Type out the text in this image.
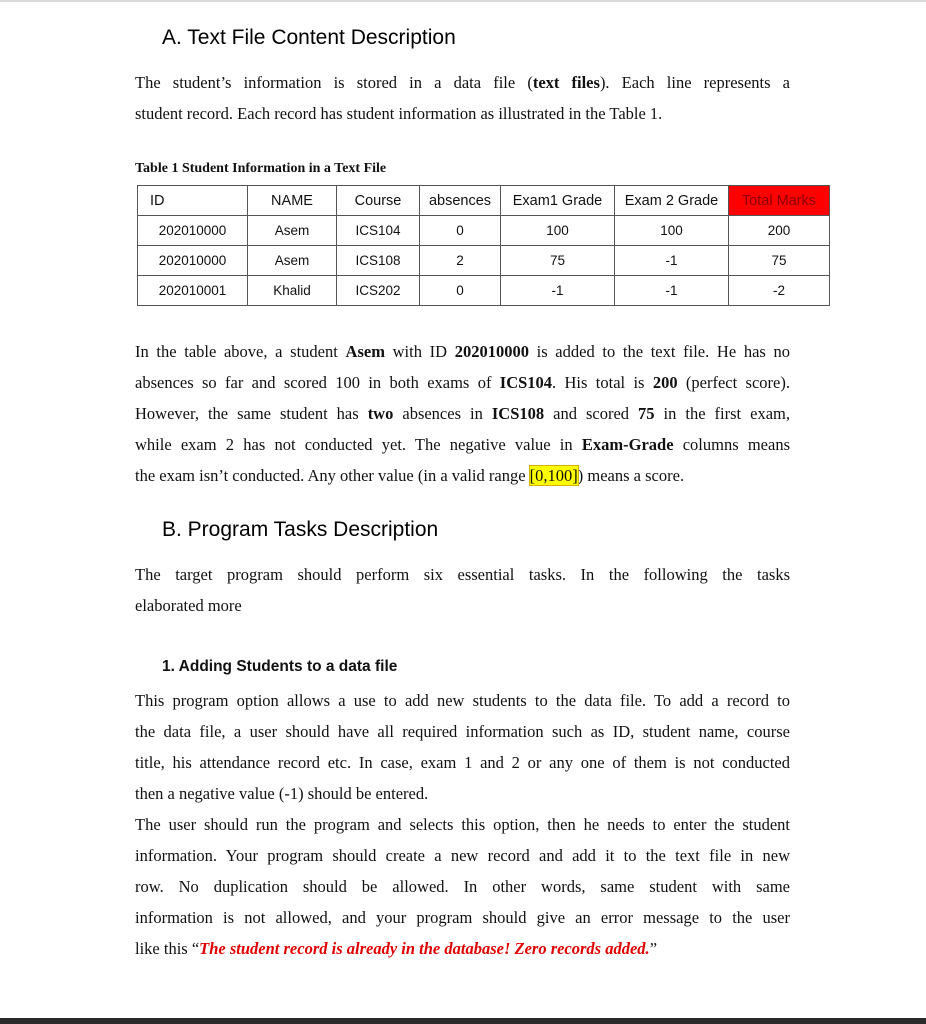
A. Text File Content Description
The student’s information is stored in a data file (text files). Each line represents a
student record. Each record has student information as illustrated in the Table 1.
Table 1 Student Information in a Text File
ID	NAME	Course	absences	Exam1 Grade	Exam 2 Grade	Total Marks
202010000	Asem	ICS104	0	100	100	200
202010000	Asem	ICS108	2	75	-1	75
202010001	Khalid	ICS202	0	-1	-1	-2
In the table above, a student Asem with ID 202010000 is added to the text file. He has no
absences so far and scored 100 in both exams of ICS104. His total is 200 (perfect score).
However, the same student has two absences in ICS108 and scored 75 in the first exam,
while exam 2 has not conducted yet. The negative value in Exam-Grade columns means
the exam isn’t conducted. Any other value (in a valid range [0,100]) means a score.
B. Program Tasks Description
The target program should perform six essential tasks. In the following the tasks
elaborated more
1. Adding Students to a data file
This program option allows a use to add new students to the data file. To add a record to
the data file, a user should have all required information such as ID, student name, course
title, his attendance record etc. In case, exam 1 and 2 or any one of them is not conducted
then a negative value (-1) should be entered.
The user should run the program and selects this option, then he needs to enter the student
information. Your program should create a new record and add it to the text file in new
row. No duplication should be allowed. In other words, same student with same
information is not allowed, and your program should give an error message to the user
like this “The student record is already in the database! Zero records added.”
